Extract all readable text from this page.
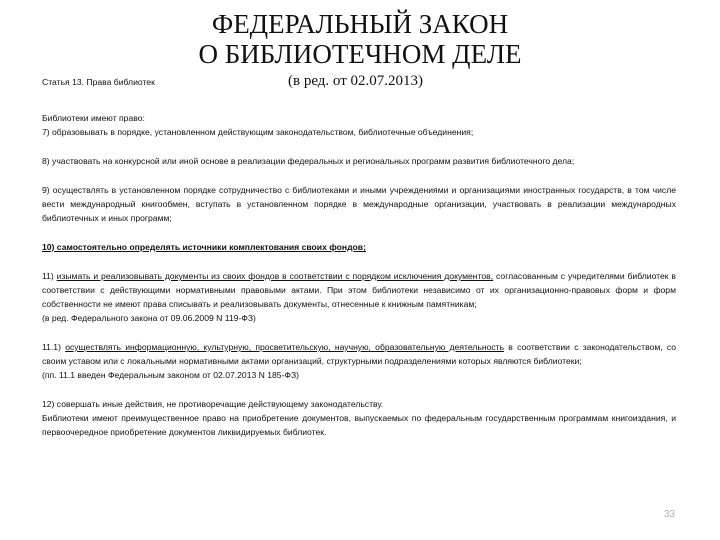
ФЕДЕРАЛЬНЫЙ ЗАКОН
О БИБЛИОТЕЧНОМ ДЕЛЕ
Статья 13. Права библиотек	(в ред. от 02.07.2013)

Библиотеки имеют право:

7) образовывать в порядке, установленном действующим законодательством, библиотечные объединения;

8) участвовать на конкурсной или иной основе в реализации федеральных и региональных программ развития библиотечного дела;

9) осуществлять в установленном порядке сотрудничество с библиотеками и иными учреждениями и организациями иностранных государств, в том числе вести международный книгообмен, вступать в установленном порядке в международные организации, участвовать в реализации международных библиотечных и иных программ;

10) самостоятельно определять источники комплектования своих фондов;

11) изымать и реализовывать документы из своих фондов в соответствии с порядком исключения документов, согласованным с учредителями библиотек в соответствии с действующими нормативными правовыми актами. При этом библиотеки независимо от их организационно-правовых форм и форм собственности не имеют права списывать и реализовывать документы, отнесенные к книжным памятникам;

(в ред. Федерального закона от 09.06.2009 N 119-ФЗ)

11.1) осуществлять информационную, культурную, просветительскую, научную, образовательную деятельность в соответствии с законодательством, со своим уставом или с локальными нормативными актами организаций, структурными подразделениями которых являются библиотеки;

(пп. 11.1 введен Федеральным законом от 02.07.2013 N 185-ФЗ)

12) совершать иные действия, не противоречащие действующему законодательству.

Библиотеки имеют преимущественное право на приобретение документов, выпускаемых по федеральным государственным программам книгоиздания, и первоочередное приобретение документов ликвидируемых библиотек.

33
